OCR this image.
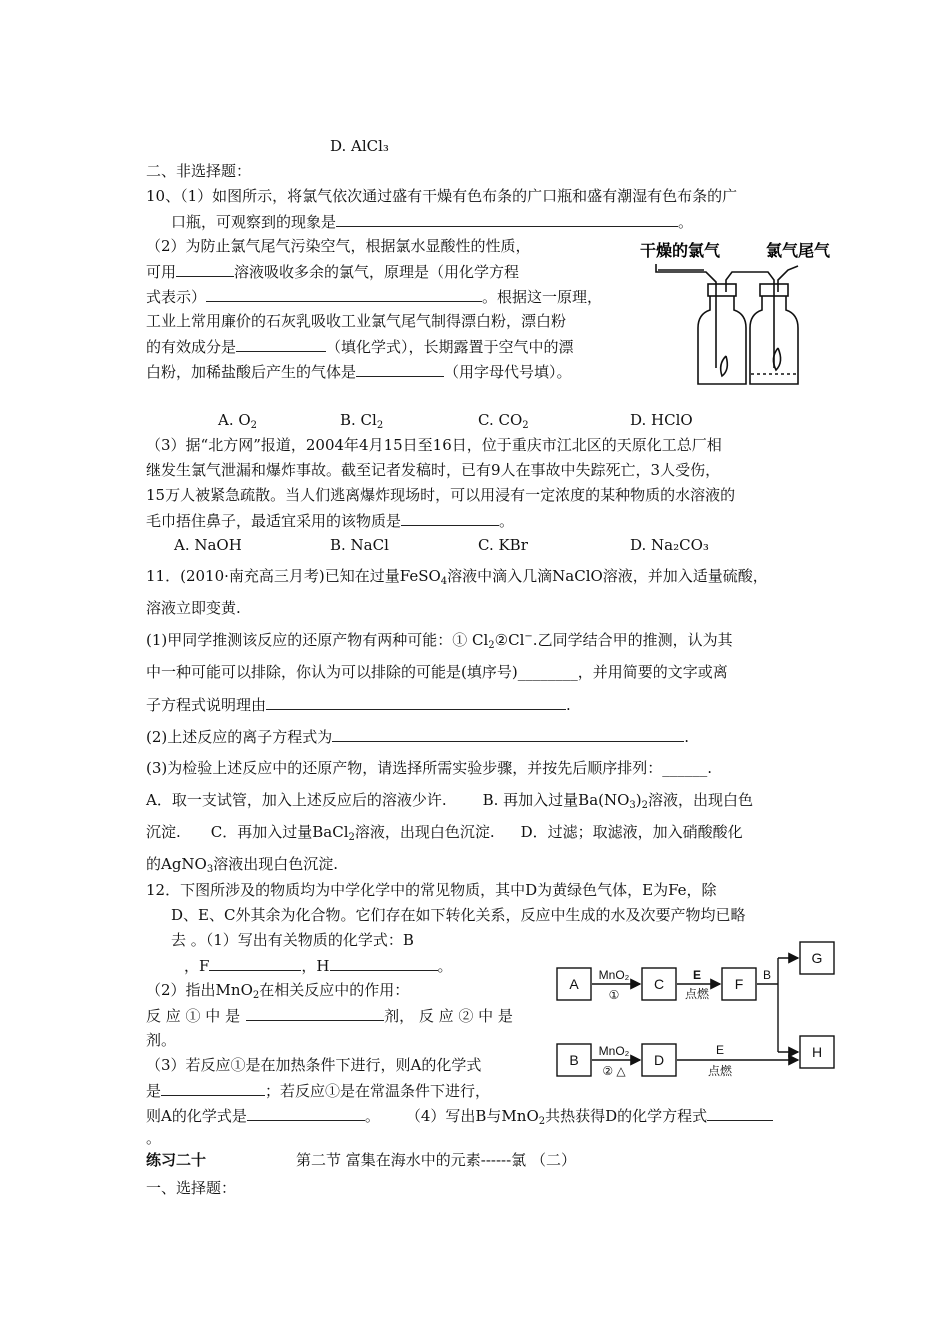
D. AlCl₃
二、非选择题：
10、（1）如图所示，将氯气依次通过盛有干燥有色布条的广口瓶和盛有潮湿有色布条的广
口瓶，可观察到的现象是	。
（2）为防止氯气尾气污染空气，根据氯水显酸性的性质，
可用	溶液吸收多余的氯气，原理是（用化学方程
式表示）	。根据这一原理，
工业上常用廉价的石灰乳吸收工业氯气尾气制得漂白粉，漂白粉
的有效成分是	（填化学式），长期露置于空气中的漂
白粉，加稀盐酸后产生的气体是	（用字母代号填）。
干燥的氯气	氯气尾气
A. $O_2$	B. $Cl_2$	C. $CO_2$	D. HClO
（3）据“北方网”报道，2004年4月15日至16日，位于重庆市江北区的天原化工总厂相
继发生氯气泄漏和爆炸事故。截至记者发稿时，已有9人在事故中失踪死亡，3人受伤，
15万人被紧急疏散。当人们逃离爆炸现场时，可以用浸有一定浓度的某种物质的水溶液的
毛巾捂住鼻子，最适宜采用的该物质是	。
A. NaOH	B. NaCl	C. KBr	D. Na₂CO₃
11．(2010·南充高三月考)已知在过量FeSO$_4$溶液中滴入几滴NaClO溶液，并加入适量硫酸，
溶液立即变黄.
(1)甲同学推测该反应的还原产物有两种可能：① $Cl_2②Cl^-$.乙同学结合甲的推测，认为其
中一种可能可以排除，你认为可以排除的可能是(填序号)________，并用简要的文字或离
子方程式说明理由	.
(2)上述反应的离子方程式为	.
(3)为检验上述反应中的还原产物，请选择所需实验步骤，并按先后顺序排列：______.
A．取一支试管，加入上述反应后的溶液少许. B. 再加入过量$Ba(NO_3)_2$溶液，出现白色
沉淀. C．再加入过量BaCl$_2$溶液，出现白色沉淀. D．过滤；取滤液，加入硝酸酸化
的AgNO$_3$溶液出现白色沉淀.
12．下图所涉及的物质均为中学化学中的常见物质，其中D为黄绿色气体，E为Fe，除
D、E、C外其余为化合物。它们存在如下转化关系，反应中生成的水及次要产物均已略
去 。（1）写出有关物质的化学式：B
，F	，H	。
（2）指出MnO$_2$在相关反应中的作用：
反 应 ① 中 是	剂， 反 应 ② 中 是
剂。
（3）若反应①是在加热条件下进行，则A的化学式
是	；若反应①是在常温条件下进行，
则A的化学式是	。 （4）写出B与MnO$_2$共热获得D的化学方程式
。
A	C	F
G
B	D	H
MnO₂
①
E
点燃
B
MnO₂
② △
E
点燃
练习二十	第二节 富集在海水中的元素------氯 （二）
一、选择题：
